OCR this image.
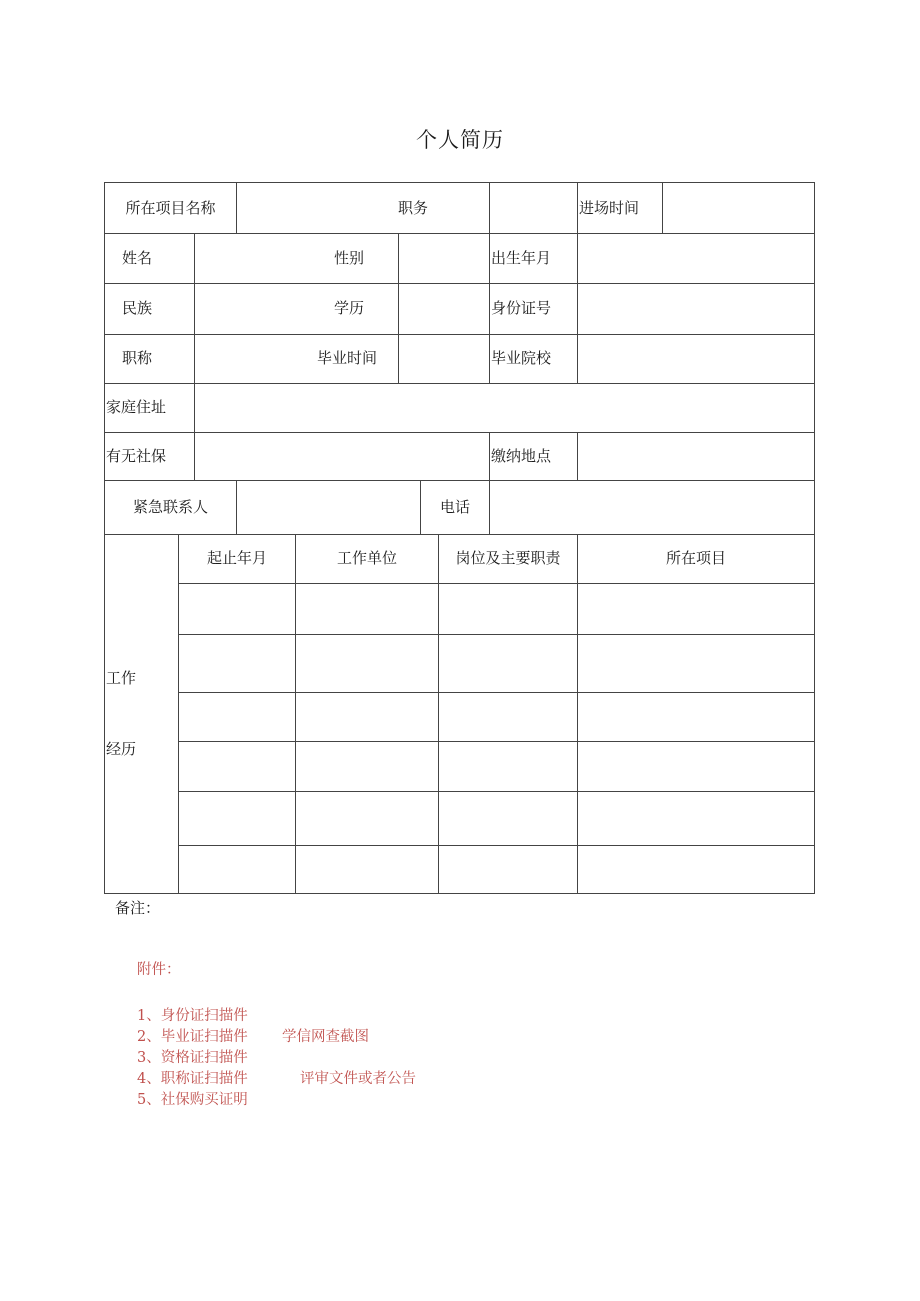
个人简历
所在项目名称	职务	进场时间
姓名	性别	出生年月
民族	学历	身份证号
职称	毕业时间	毕业院校
家庭住址
有无社保	缴纳地点
紧急联系人	电话
工作
经历
起止年月	工作单位	岗位及主要职责	所在项目
备注：
附件：
1、身份证扫描件
2、毕业证扫描件 学信网查截图
3、资格证扫描件
4、职称证扫描件	评审文件或者公告
5、社保购买证明
